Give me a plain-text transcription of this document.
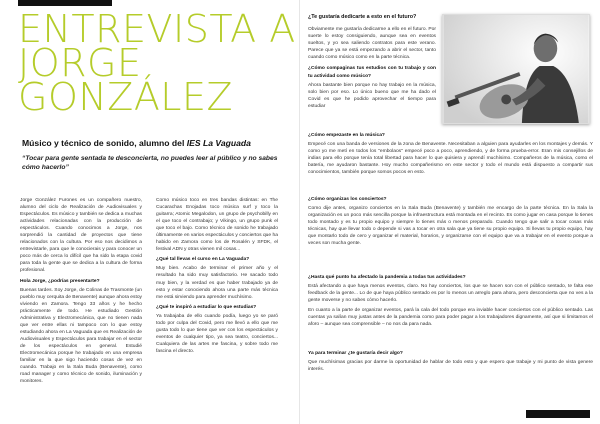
ENTREVISTA A
JORGE
GONZÁLEZ
Músico y técnico de sonido, alumno del IES La Vaguada
“Tocar para gente sentada te desconcierta, no puedes leer al público y no sabes cómo hacerlo”

Jorge González Furones es un compañero nuestro, alumno del ciclo de Realización de Audiovisuales y Espectáculos. Es músico y también se dedica a muchas actividades relacionadas con la producción de espectáculos. Cuando conocimos a Jorge, nos sorprendió la cantidad de proyectos que tiene relacionados con la cultura. Por eso nos decidimos a entrevistarle, para que le conocierais y para conocer un poco más de cerca lo difícil que ha sido la etapa covid para toda la gente que se dedica a la cultura de forma profesional.

Hola Jorge, ¿podrías presentarte?

Buenas tardes. Soy Jorge, de Colinas de Trasmonte (un pueblo muy cerquita de Benavente) aunque ahora estoy viviendo en Zamora. Tengo 33 años y he hecho prácticamente de todo. He estudiado Gestión Administrativa y Electromecánica, que no tienen nada que ver entre ellas ni tampoco con lo que estoy estudiando ahora en La Vaguada que es Realización de Audiovisuales y Espectáculos para trabajar en el sector de los espectáculos en general. Estudié Electromecánica porque he trabajado en una empresa familiar en la que sigo haciendo cosas de vez en cuando. Trabajo en la Sala Buda (Benavente), como road manager y como técnico de sonido, iluminación y monitores.

Como músico toco en tres bandas distintas: en The Cucarachas Enojadas toco música surf y toco la guitarra; Atomic Megalodon, un grupo de psychobilly en el que toco el contrabajo; y Vikingo, un grupo punk el que toco el bajo. Como técnico de sonido he trabajado últimamente en varios espectáculos y conciertos que ha habido en Zamora como los de Rosalén y SFDK, el festival ADN y otras vienen mil cosas...

¿Qué tal llevas el curso en La Vaguada?

Muy bien. Acabo de terminar el primer año y el resultado ha sido muy satisfactorio. He sacado todo muy bien, y la verdad es que haber trabajado ya de esto y estar conociendo ahora una parte más técnica me está sirviendo para aprender muchísimo.

¿Qué te inspiró a estudiar lo que estudias?

Ya trabajaba de ello cuando podía, luego yo se paró todo por culpa del Covid, pero me llevó a ello que me gusta todo lo que tiene que ver con los espectáculos y eventos de cualquier tipo, ya sea teatro, conciertos... Cualquiera de las artes me fascina, y sobre todo me fascina el directo.

¿Te gustaría dedicarte a esto en el futuro?

Obviamente me gustaría dedicarme a ello en el futuro. Por suerte lo estoy consiguiendo, aunque sea en eventos sueltos, y yo sea saliendo contratos para este verano. Parece que ya se está empezando a abrir el sector, tanto cuando como músico como en la parte técnica.

¿Cómo compaginas tus estudios con tu trabajo y con tu actividad como músico?

Ahora bastante bien porque no hay trabajo en la música, solo bien por eso. Lo único bueno que me ha dado el Covid es que he podido aprovechar el tiempo para estudiar

¿Cómo empezaste en la música?

Empecé con una banda de versiones de la zona de Benavente. Necesitaban a alguien para ayudarles en los montajes y demás. Y como yo me metí en todos los "embolaos" empecé poco a poco, aprendiendo, y de forma prueba-error. Eran mis consejillos de indias para ello porque tenía total libertad para hacer lo que quisiera y aprendí muchísimo. Compañeros de la música, como el batería, me ayudaron bastante. Hoy mucho compañerismo en este sector y todo el mundo está dispuesto a compartir sus conocimientos, también porque somos pocos en esto.

¿Cómo organizas los conciertos?

Como dije antes, organizo conciertos en la Sala Buda (Benavente) y también me encargo de la parte técnica. En la Sala la organización es un poco más sencilla porque la infraestructura está montada en el recinto. Es como jugar en casa porque lo tienes todo montado y es tu propio equipo y siempre lo tienes más o menos preparado. Cuando tengo que salir a tocar cosas más técnicas, hay que llevar todo o depende si vas a tocar en otra sala que ya tiene su propio equipo. Si llevas tu propio equipo, hay que montarlo todo de cero y organizar el material, horarios, y organizarse con el equipo que va a trabajar en el evento porque a veces son mucha gente.

¿Hasta qué punto ha afectado la pandemia a todas tus actividades?

Está afectando a que haya menos eventos, claro. No hay conciertos, los que se hacen son con el público sentado, te falta ese feedback de la gente... Lo de que haya público sentado es por lo menos un arreglo para ahora, pero desconcierta que no ves a la gente moverse y no sabes cómo hacerlo.

En cuanto a la parte de organizar eventos, pará la cala del todo porque era inviable hacer conciertos con el público sentado. Las cuentas ya salían muy justas antes de la pandemia como para poder pagar a los trabajadores dignamente, así que si limitamos el aforo – aunque sea comprensible – no nos da para nada.

Ya para terminar ¿te gustaría decir algo?

Que muchísimas gracias por darme la oportunidad de hablar de todo esto y que espero que trabaje y mi punto de vista genere interés.
